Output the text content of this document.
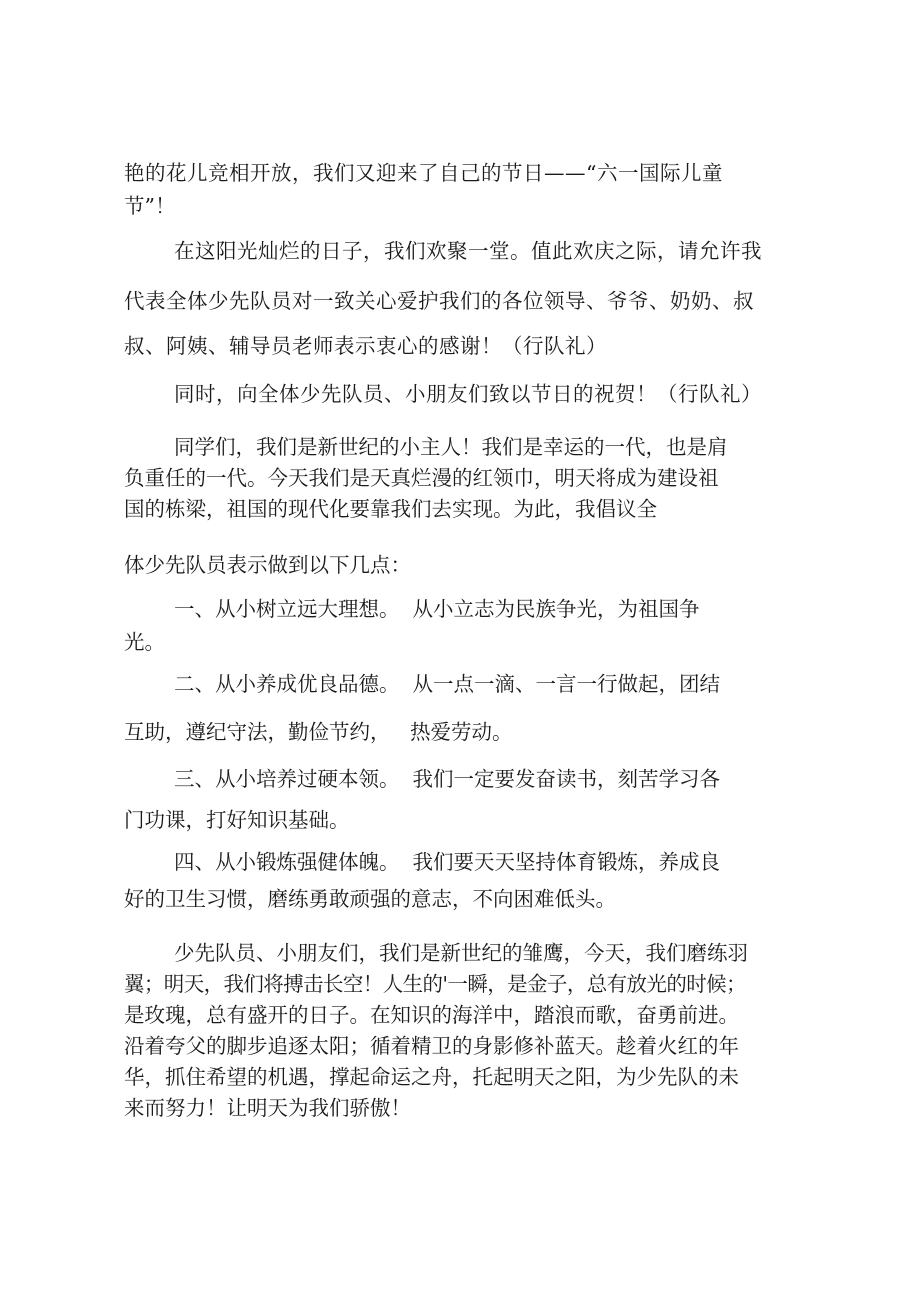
艳的花儿竞相开放，我们又迎来了自己的节日——“六一国际儿童
节”！
在这阳光灿烂的日子，我们欢聚一堂。值此欢庆之际，请允许我
代表全体少先队员对一致关心爱护我们的各位领导、爷爷、奶奶、叔
叔、阿姨、辅导员老师表示衷心的感谢！（行队礼）
同时，向全体少先队员、小朋友们致以节日的祝贺！（行队礼）
同学们，我们是新世纪的小主人！我们是幸运的一代，也是肩
负重任的一代。今天我们是天真烂漫的红领巾，明天将成为建设祖
国的栋梁，祖国的现代化要靠我们去实现。为此，我倡议全
体少先队员表示做到以下几点：
一、从小树立远大理想。  从小立志为民族争光，为祖国争
光。
二、从小养成优良品德。  从一点一滴、一言一行做起，团结
互助，遵纪守法，勤俭节约，   热爱劳动。
三、从小培养过硬本领。  我们一定要发奋读书，刻苦学习各
门功课，打好知识基础。
四、从小锻炼强健体魄。  我们要天天坚持体育锻炼，养成良
好的卫生习惯，磨练勇敢顽强的意志，不向困难低头。
少先队员、小朋友们，我们是新世纪的雏鹰，今天，我们磨练羽
翼；明天，我们将搏击长空！人生的'一瞬，是金子，总有放光的时候；
是玫瑰，总有盛开的日子。在知识的海洋中，踏浪而歌，奋勇前进。
沿着夸父的脚步追逐太阳；循着精卫的身影修补蓝天。趁着火红的年
华，抓住希望的机遇，撑起命运之舟，托起明天之阳，为少先队的未
来而努力！让明天为我们骄傲！
